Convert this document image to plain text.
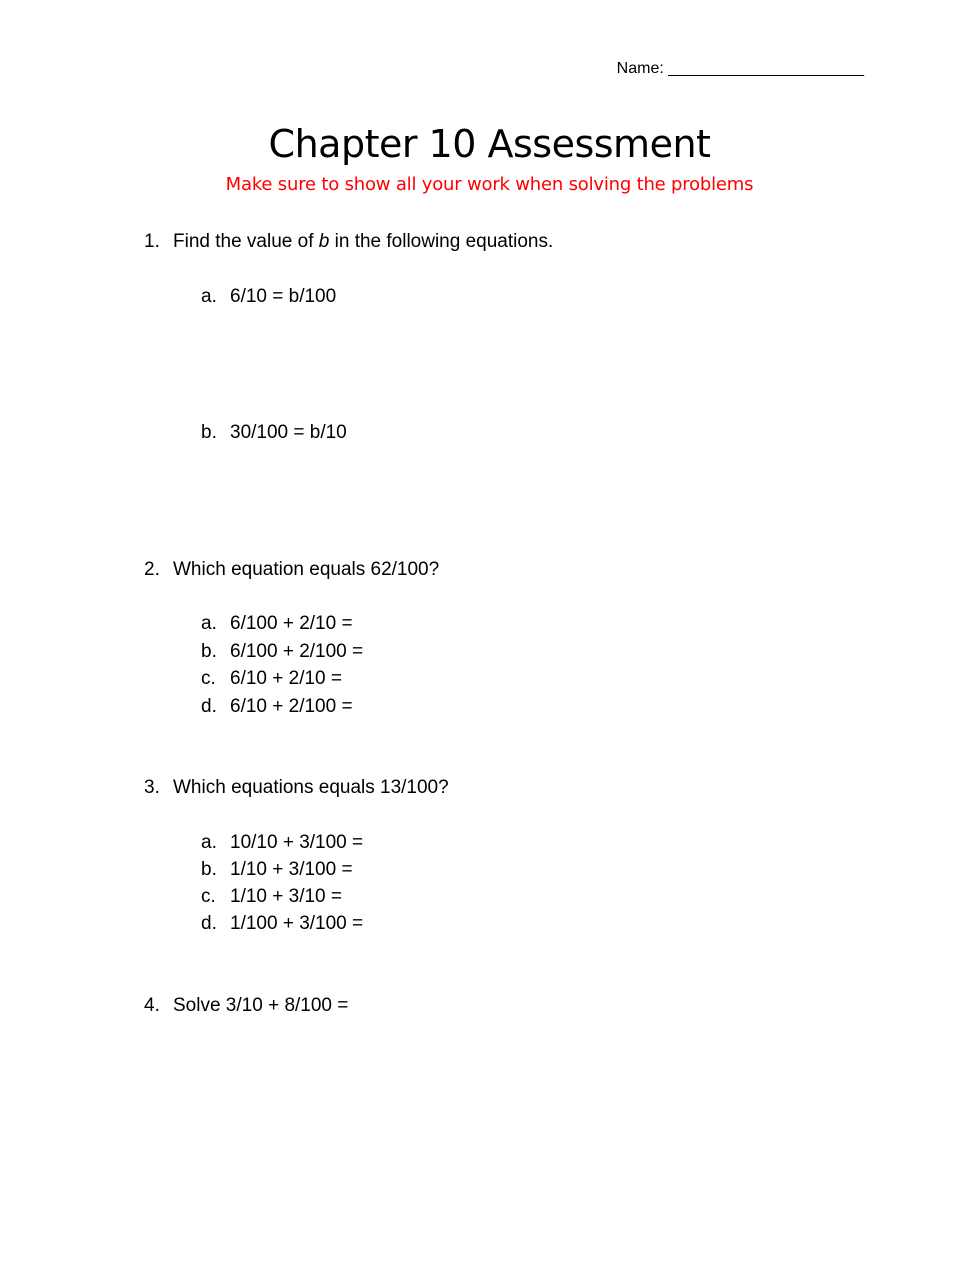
Name: ______________________
Chapter 10 Assessment
Make sure to show all your work when solving the problems
1. Find the value of b in the following equations.
a. 6/10 = b/100
b. 30/100 = b/10
2. Which equation equals 62/100?
a. 6/100 + 2/10 =
b. 6/100 + 2/100 =
c. 6/10 + 2/10 =
d. 6/10 + 2/100 =
3. Which equations equals 13/100?
a. 10/10 + 3/100 =
b. 1/10 + 3/100 =
c. 1/10 + 3/10 =
d. 1/100 + 3/100 =
4. Solve 3/10 + 8/100 =
